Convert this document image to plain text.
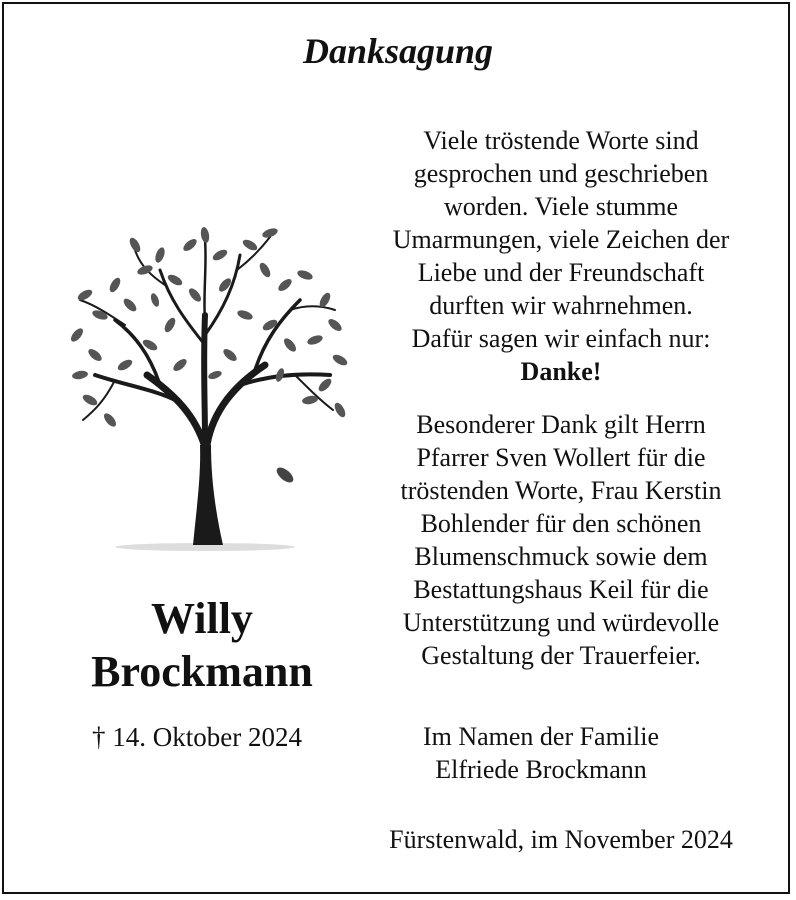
Danksagung
Willy
Brockmann
† 14. Oktober 2024
Viele tröstende Worte sind
gesprochen und geschrieben
worden. Viele stumme
Umarmungen, viele Zeichen der
Liebe und der Freundschaft
durften wir wahrnehmen.
Dafür sagen wir einfach nur:
Danke!
Besonderer Dank gilt Herrn
Pfarrer Sven Wollert für die
tröstenden Worte, Frau Kerstin
Bohlender für den schönen
Blumenschmuck sowie dem
Bestattungshaus Keil für die
Unterstützung und würdevolle
Gestaltung der Trauerfeier.
Im Namen der Familie
Elfriede Brockmann
Fürstenwald, im November 2024
